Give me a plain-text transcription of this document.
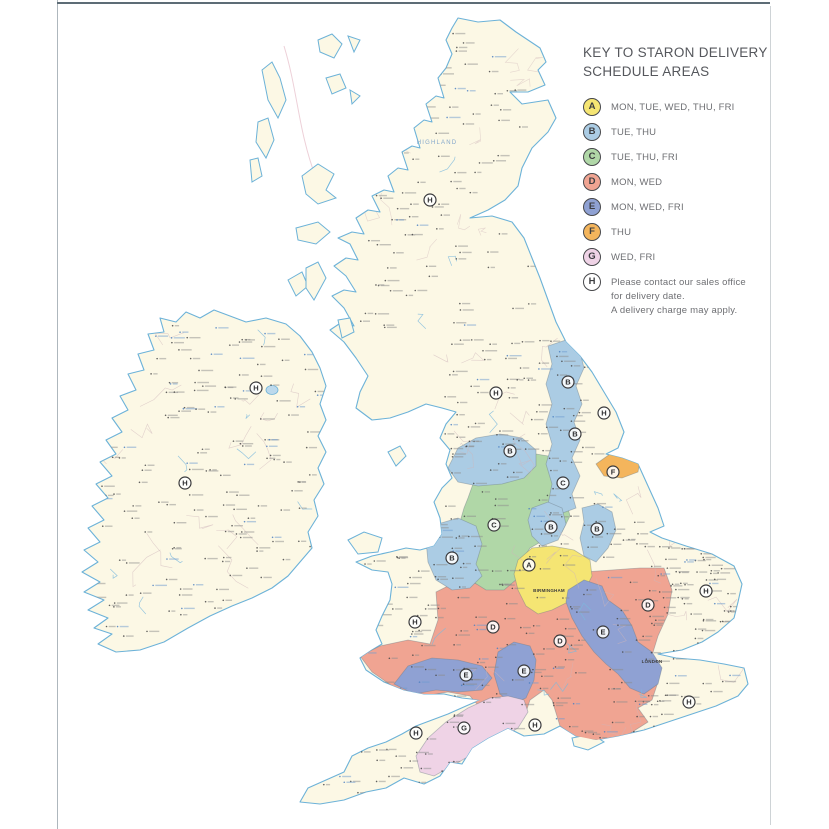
HIGHLAND
BIRMINGHAM
LONDON
H
H
H
H
H
H
H
H
H
H
B
B
B
B	B
B
C
C
F
A
D
D
D
E
E	E
G
KEY TO STARON DELIVERY
SCHEDULE AREAS
A	MON, TUE, WED, THU, FRI
B	TUE, THU
C	TUE, THU, FRI
D	MON, WED
E	MON, WED, FRI
F	THU
G	WED, FRI
H	Please contact our sales office
for delivery date.
A delivery charge may apply.
